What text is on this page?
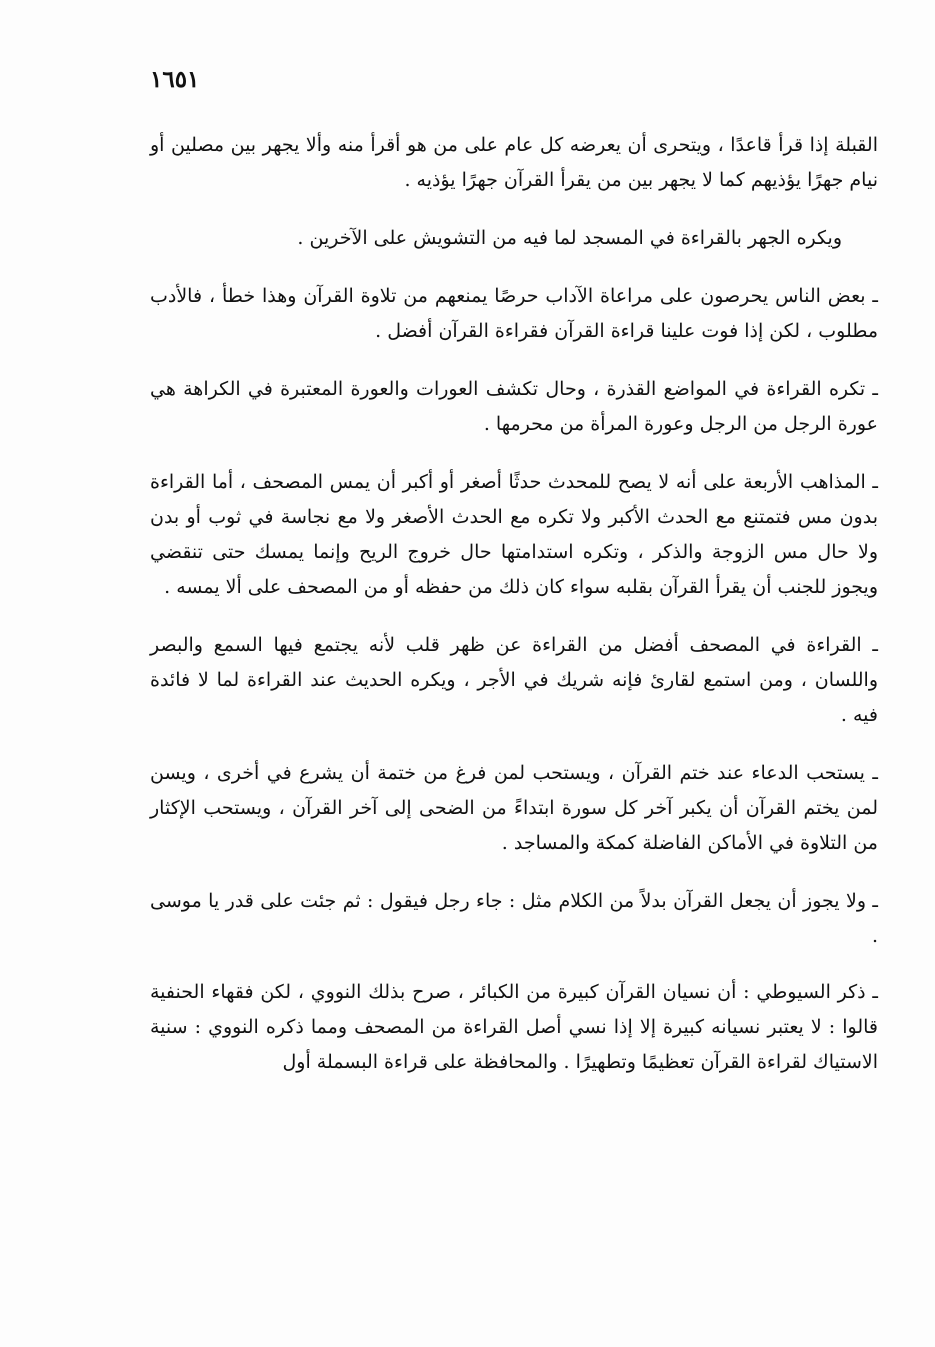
١٦٥١

القبلة إذا قرأ قاعدًا ، ويتحرى أن يعرضه كل عام على من هو أقرأ منه وألا يجهر بين مصلين أو نيام جهرًا يؤذيهم كما لا يجهر بين من يقرأ القرآن جهرًا يؤذيه .

ويكره الجهر بالقراءة في المسجد لما فيه من التشويش على الآخرين .

ـ بعض الناس يحرصون على مراعاة الآداب حرصًا يمنعهم من تلاوة القرآن وهذا خطأ ، فالأدب مطلوب ، لكن إذا فوت علينا قراءة القرآن فقراءة القرآن أفضل .

ـ تكره القراءة في المواضع القذرة ، وحال تكشف العورات والعورة المعتبرة في الكراهة هي عورة الرجل من الرجل وعورة المرأة من محرمها .

ـ المذاهب الأربعة على أنه لا يصح للمحدث حدثًا أصغر أو أكبر أن يمس المصحف ، أما القراءة بدون مس فتمتنع مع الحدث الأكبر ولا تكره مع الحدث الأصغر ولا مع نجاسة في ثوب أو بدن ولا حال مس الزوجة والذكر ، وتكره استدامتها حال خروج الريح وإنما يمسك حتى تنقضي ويجوز للجنب أن يقرأ القرآن بقلبه سواء كان ذلك من حفظه أو من المصحف على ألا يمسه .

ـ القراءة في المصحف أفضل من القراءة عن ظهر قلب لأنه يجتمع فيها السمع والبصر واللسان ، ومن استمع لقارئ فإنه شريك في الأجر ، ويكره الحديث عند القراءة لما لا فائدة فيه .

ـ يستحب الدعاء عند ختم القرآن ، ويستحب لمن فرغ من ختمة أن يشرع في أخرى ، ويسن لمن يختم القرآن أن يكبر آخر كل سورة ابتداءً من الضحى إلى آخر القرآن ، ويستحب الإكثار من التلاوة في الأماكن الفاضلة كمكة والمساجد .

ـ ولا يجوز أن يجعل القرآن بدلاً من الكلام مثل : جاء رجل فيقول : ثم جئت على قدر يا موسى .

ـ ذكر السيوطي : أن نسيان القرآن كبيرة من الكبائر ، صرح بذلك النووي ، لكن فقهاء الحنفية قالوا : لا يعتبر نسيانه كبيرة إلا إذا نسي أصل القراءة من المصحف ومما ذكره النووي : سنية الاستياك لقراءة القرآن تعظيمًا وتطهيرًا . والمحافظة على قراءة البسملة أول
